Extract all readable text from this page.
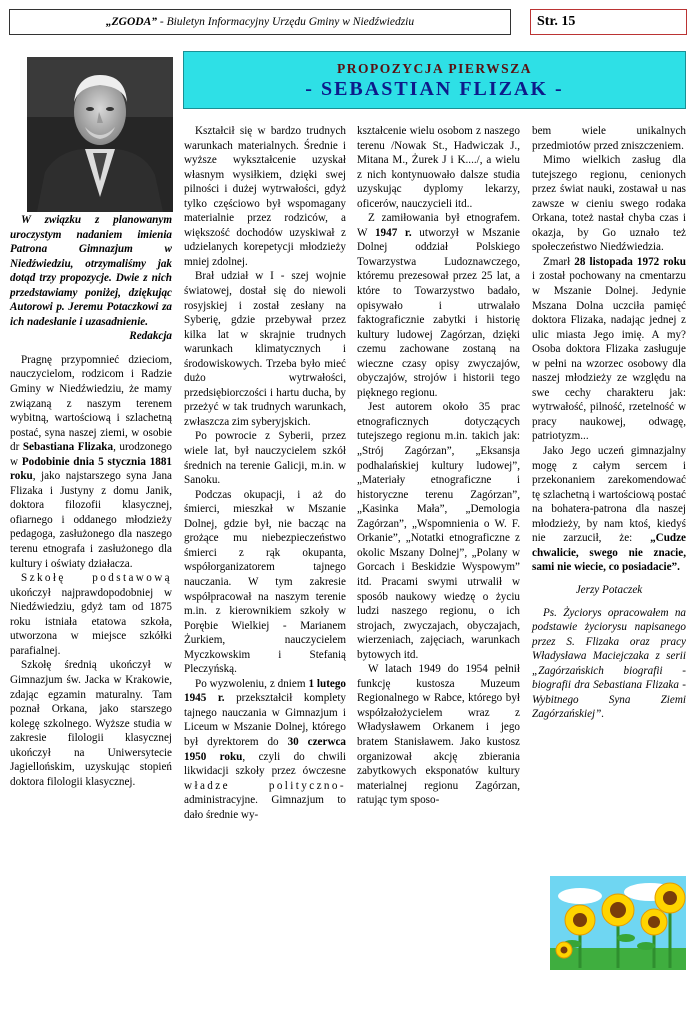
„ZGODA” - Biuletyn Informacyjny Urzędu Gminy w Niedźwiedziu	Str. 15
PROPOZYCJA PIERWSZA
- SEBASTIAN FLIZAK -

W związku z planowanym uroczystym nadaniem imienia Patrona Gimnazjum w Niedźwiedziu, otrzymaliśmy jak dotąd trzy propozycje. Dwie z nich przedstawiamy poniżej, dziękując Autorowi p. Jeremu Potaczkowi za ich nadesłanie i uzasadnienie.
Redakcja

Pragnę przypomnieć dzieciom, nauczycielom, rodzicom i Radzie Gminy w Niedźwiedziu, że mamy związaną z naszym terenem wybitną, wartościową i szlachetną postać, syna naszej ziemi, w osobie dr Sebastiana Flizaka, urodzonego w Podobinie dnia 5 stycznia 1881 roku, jako najstarszego syna Jana Flizaka i Justyny z domu Janik, doktora filozofii klasycznej, ofiarnego i oddanego młodzieży pedagoga, zasłużonego dla naszego terenu etnografa i zasłużonego dla kultury i oświaty działacza.

Szkołę podstawową ukończył najprawdopodobniej w Niedźwiedziu, gdyż tam od 1875 roku istniała etatowa szkoła, utworzona w miejsce szkółki parafialnej.

Szkołę średnią ukończył w Gimnazjum św. Jacka w Krakowie, zdając egzamin maturalny. Tam poznał Orkana, jako starszego kolegę szkolnego. Wyższe studia w zakresie filologii klasycznej ukończył na Uniwersytecie Jagiellońskim, uzyskując stopień doktora filologii klasycznej.

Kształcił się w bardzo trudnych warunkach materialnych. Średnie i wyższe wykształcenie uzyskał własnym wysiłkiem, dzięki swej pilności i dużej wytrwałości, gdyż tylko częściowo był wspomagany materialnie przez rodziców, a większość dochodów uzyskiwał z udzielanych korepetycji młodzieży mniej zdolnej.

Brał udział w I - szej wojnie światowej, dostał się do niewoli rosyjskiej i został zesłany na Syberię, gdzie przebywał przez kilka lat w skrajnie trudnych warunkach klimatycznych i środowiskowych. Trzeba było mieć dużo wytrwałości, przedsiębiorczości i hartu ducha, by przeżyć w tak trudnych warunkach, zwłaszcza zim syberyjskich.

Po powrocie z Syberii, przez wiele lat, był nauczycielem szkół średnich na terenie Galicji, m.in. w Sanoku.

Podczas okupacji, i aż do śmierci, mieszkał w Mszanie Dolnej, gdzie był, nie bacząc na grożące mu niebezpieczeństwo śmierci z rąk okupanta, współorganizatorem tajnego nauczania. W tym zakresie współpracował na naszym terenie m.in. z kierownikiem szkoły w Porębie Wielkiej - Marianem Żurkiem, nauczycielem Myczkowskim i Stefanią Pleczyńską.

Po wyzwoleniu, z dniem 1 lutego 1945 r. przekształcił komplety tajnego nauczania w Gimnazjum i Liceum w Mszanie Dolnej, którego był dyrektorem do 30 czerwca 1950 roku, czyli do chwili likwidacji szkoły przez ówczesne władze polityczno-administracyjne. Gimnazjum to dało średnie wy-

kształcenie wielu osobom z naszego terenu /Nowak St., Hadwiczak J., Mitana M., Żurek J i K..../, a wielu z nich kontynuowało dalsze studia uzyskując dyplomy lekarzy, oficerów, nauczycieli itd..

Z zamiłowania był etnografem. W 1947 r. utworzył w Mszanie Dolnej oddział Polskiego Towarzystwa Ludoznawczego, któremu prezesował przez 25 lat, a które to Towarzystwo badało, opisywało i utrwalało faktograficznie zabytki i historię kultury ludowej Zagórzan, dzięki czemu zachowane zostaną na wieczne czasy opisy zwyczajów, obyczajów, strojów i historii tego pięknego regionu.

Jest autorem około 35 prac etnograficznych dotyczących tutejszego regionu m.in. takich jak: „Strój Zagórzan”, „Eksansja podhalańskiej kultury ludowej”, „Materiały etnograficzne i historyczne terenu Zagórzan”, „Kasinka Mała”, „Demologia Zagórzan”, „Wspomnienia o W. F. Orkanie”, „Notatki etnograficzne z okolic Mszany Dolnej”, „Polany w Gorcach i Beskidzie Wyspowym” itd. Pracami swymi utrwalił w sposób naukowy wiedzę o życiu ludzi naszego regionu, o ich strojach, zwyczajach, obyczajach, wierzeniach, zajęciach, warunkach bytowych itd.

W latach 1949 do 1954 pełnił funkcję kustosza Muzeum Regionalnego w Rabce, którego był współzałożycielem wraz z Władysławem Orkanem i jego bratem Stanisławem. Jako kustosz organizował akcję zbierania zabytkowych eksponatów kultury materialnej regionu Zagórzan, ratując tym sposo-

bem wiele unikalnych przedmiotów przed zniszczeniem.

Mimo wielkich zasług dla tutejszego regionu, cenionych przez świat nauki, zostawał u nas zawsze w cieniu swego rodaka Orkana, toteż nastał chyba czas i okazja, by Go uznało też społeczeństwo Niedźwiedzia.

Zmarł 28 listopada 1972 roku i został pochowany na cmentarzu w Mszanie Dolnej. Jedynie Mszana Dolna uczciła pamięć doktora Flizaka, nadając jednej z ulic miasta Jego imię. A my? Osoba doktora Flizaka zasługuje w pełni na wzorzec osobowy dla naszej młodzieży ze względu na swe cechy charakteru jak: wytrwałość, pilność, rzetelność w pracy naukowej, odwagę, patriotyzm...

Jako Jego uczeń gimnazjalny mogę z całym sercem i przekonaniem zarekomendować tę szlachetną i wartościową postać na bohatera-patrona dla naszej młodzieży, by nam ktoś, kiedyś nie zarzucił, że: „Cudze chwalicie, swego nie znacie, sami nie wiecie, co posiadacie”.

Jerzy Potaczek

Ps. Życiorys opracowałem na podstawie życiorysu napisanego przez S. Flizaka oraz pracy Władysława Maciejczaka z serii „Zagórzańskich biografii - biografii dra Sebastiana Flizaka - Wybitnego Syna Ziemi Zagórzańskiej”.
